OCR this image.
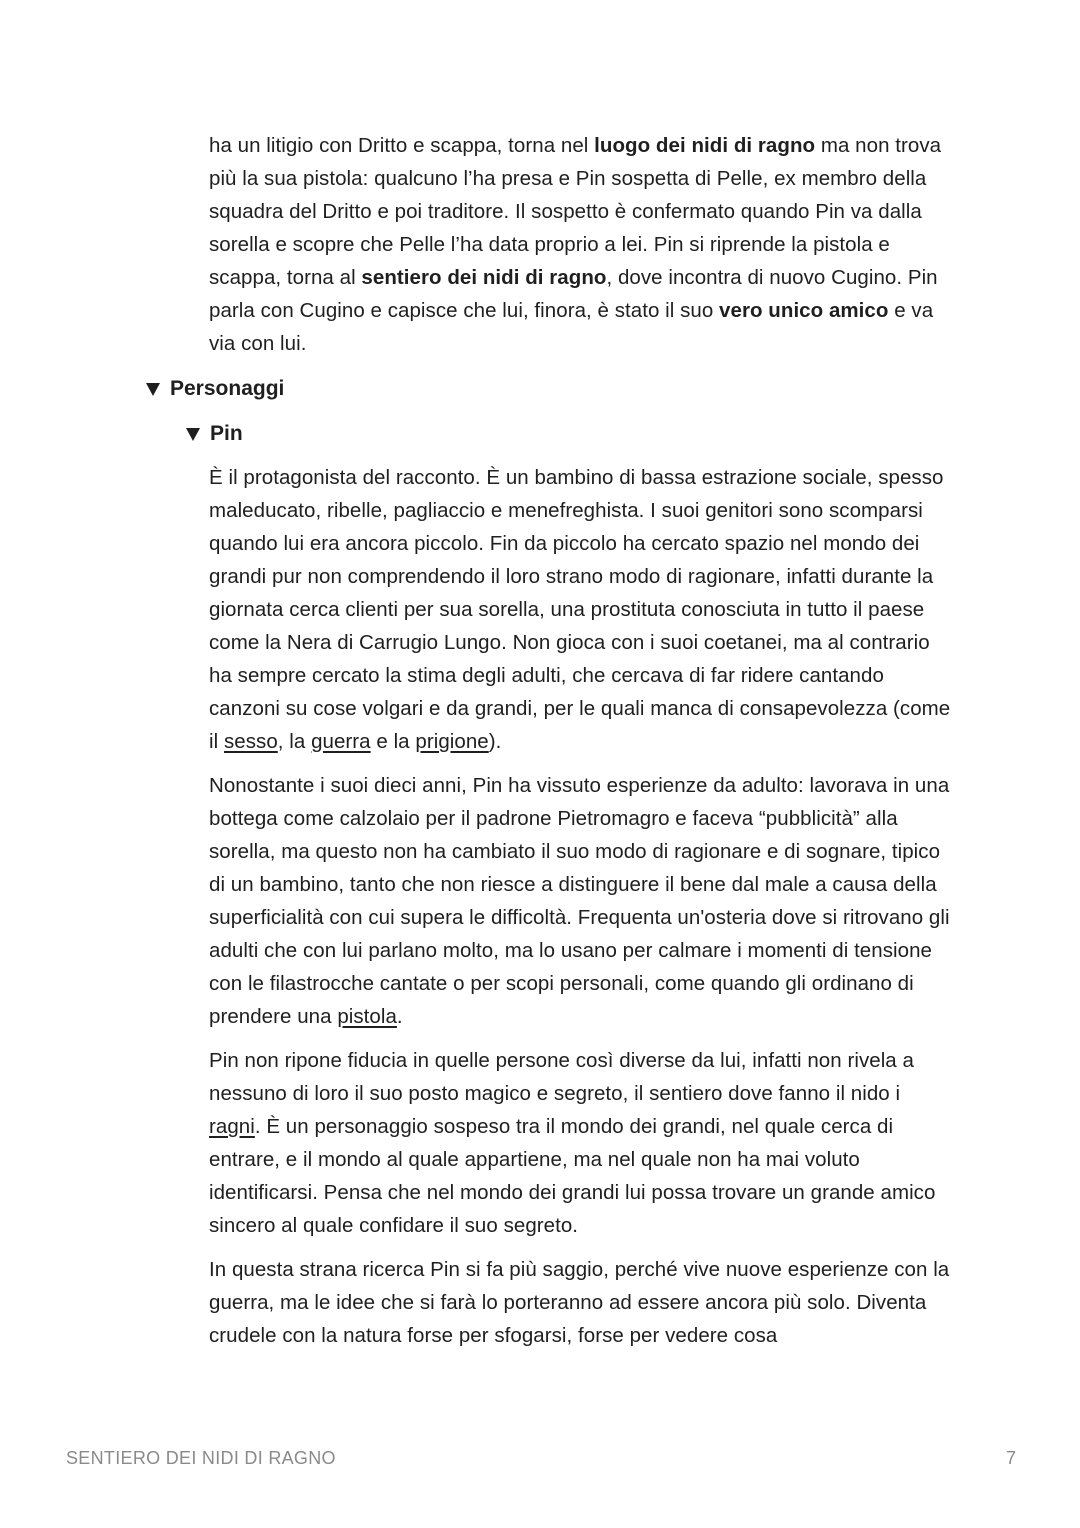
ha un litigio con Dritto e scappa, torna nel luogo dei nidi di ragno ma non trova più la sua pistola: qualcuno l’ha presa e Pin sospetta di Pelle, ex membro della squadra del Dritto e poi traditore. Il sospetto è confermato quando Pin va dalla sorella e scopre che Pelle l’ha data proprio a lei. Pin si riprende la pistola e scappa, torna al sentiero dei nidi di ragno, dove incontra di nuovo Cugino. Pin parla con Cugino e capisce che lui, finora, è stato il suo vero unico amico e va via con lui.

Personaggi
Pin

È il protagonista del racconto. È un bambino di bassa estrazione sociale, spesso maleducato, ribelle, pagliaccio e menefreghista. I suoi genitori sono scomparsi quando lui era ancora piccolo. Fin da piccolo ha cercato spazio nel mondo dei grandi pur non comprendendo il loro strano modo di ragionare, infatti durante la giornata cerca clienti per sua sorella, una prostituta conosciuta in tutto il paese come la Nera di Carrugio Lungo. Non gioca con i suoi coetanei, ma al contrario ha sempre cercato la stima degli adulti, che cercava di far ridere cantando canzoni su cose volgari e da grandi, per le quali manca di consapevolezza (come il sesso, la guerra e la prigione).

Nonostante i suoi dieci anni, Pin ha vissuto esperienze da adulto: lavorava in una bottega come calzolaio per il padrone Pietromagro e faceva “pubblicità” alla sorella, ma questo non ha cambiato il suo modo di ragionare e di sognare, tipico di un bambino, tanto che non riesce a distinguere il bene dal male a causa della superficialità con cui supera le difficoltà. Frequenta un'osteria dove si ritrovano gli adulti che con lui parlano molto, ma lo usano per calmare i momenti di tensione con le filastrocche cantate o per scopi personali, come quando gli ordinano di prendere una pistola.

Pin non ripone fiducia in quelle persone così diverse da lui, infatti non rivela a nessuno di loro il suo posto magico e segreto, il sentiero dove fanno il nido i ragni. È un personaggio sospeso tra il mondo dei grandi, nel quale cerca di entrare, e il mondo al quale appartiene, ma nel quale non ha mai voluto identificarsi. Pensa che nel mondo dei grandi lui possa trovare un grande amico sincero al quale confidare il suo segreto.

In questa strana ricerca Pin si fa più saggio, perché vive nuove esperienze con la guerra, ma le idee che si farà lo porteranno ad essere ancora più solo. Diventa crudele con la natura forse per sfogarsi, forse per vedere cosa

SENTIERO DEI NIDI DI RAGNO	7
